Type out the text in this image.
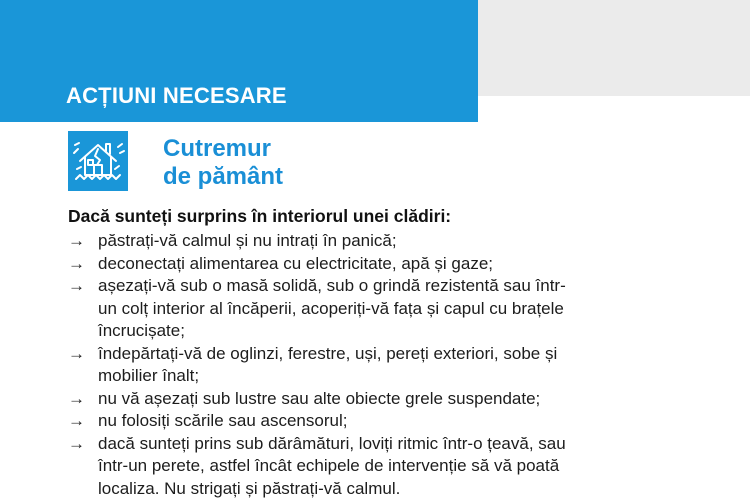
ACȚIUNI NECESARE
Cutremur
de pământ
Dacă sunteți surprins în interiorul unei clădiri:
→ păstrați-vă calmul și nu intrați în panică;
→ deconectați alimentarea cu electricitate, apă și gaze;
→ așezați-vă sub o masă solidă, sub o grindă rezistentă sau într-
un colț interior al încăperii, acoperiți-vă fața și capul cu brațele
încrucișate;
→ îndepărtați-vă de oglinzi, ferestre, uși, pereți exteriori, sobe și
mobilier înalt;
→ nu vă așezați sub lustre sau alte obiecte grele suspendate;
→ nu folosiți scările sau ascensorul;
→ dacă sunteți prins sub dărâmături, loviți ritmic într-o țeavă, sau
într-un perete, astfel încât echipele de intervenție să vă poată
localiza. Nu strigați și păstrați-vă calmul.
